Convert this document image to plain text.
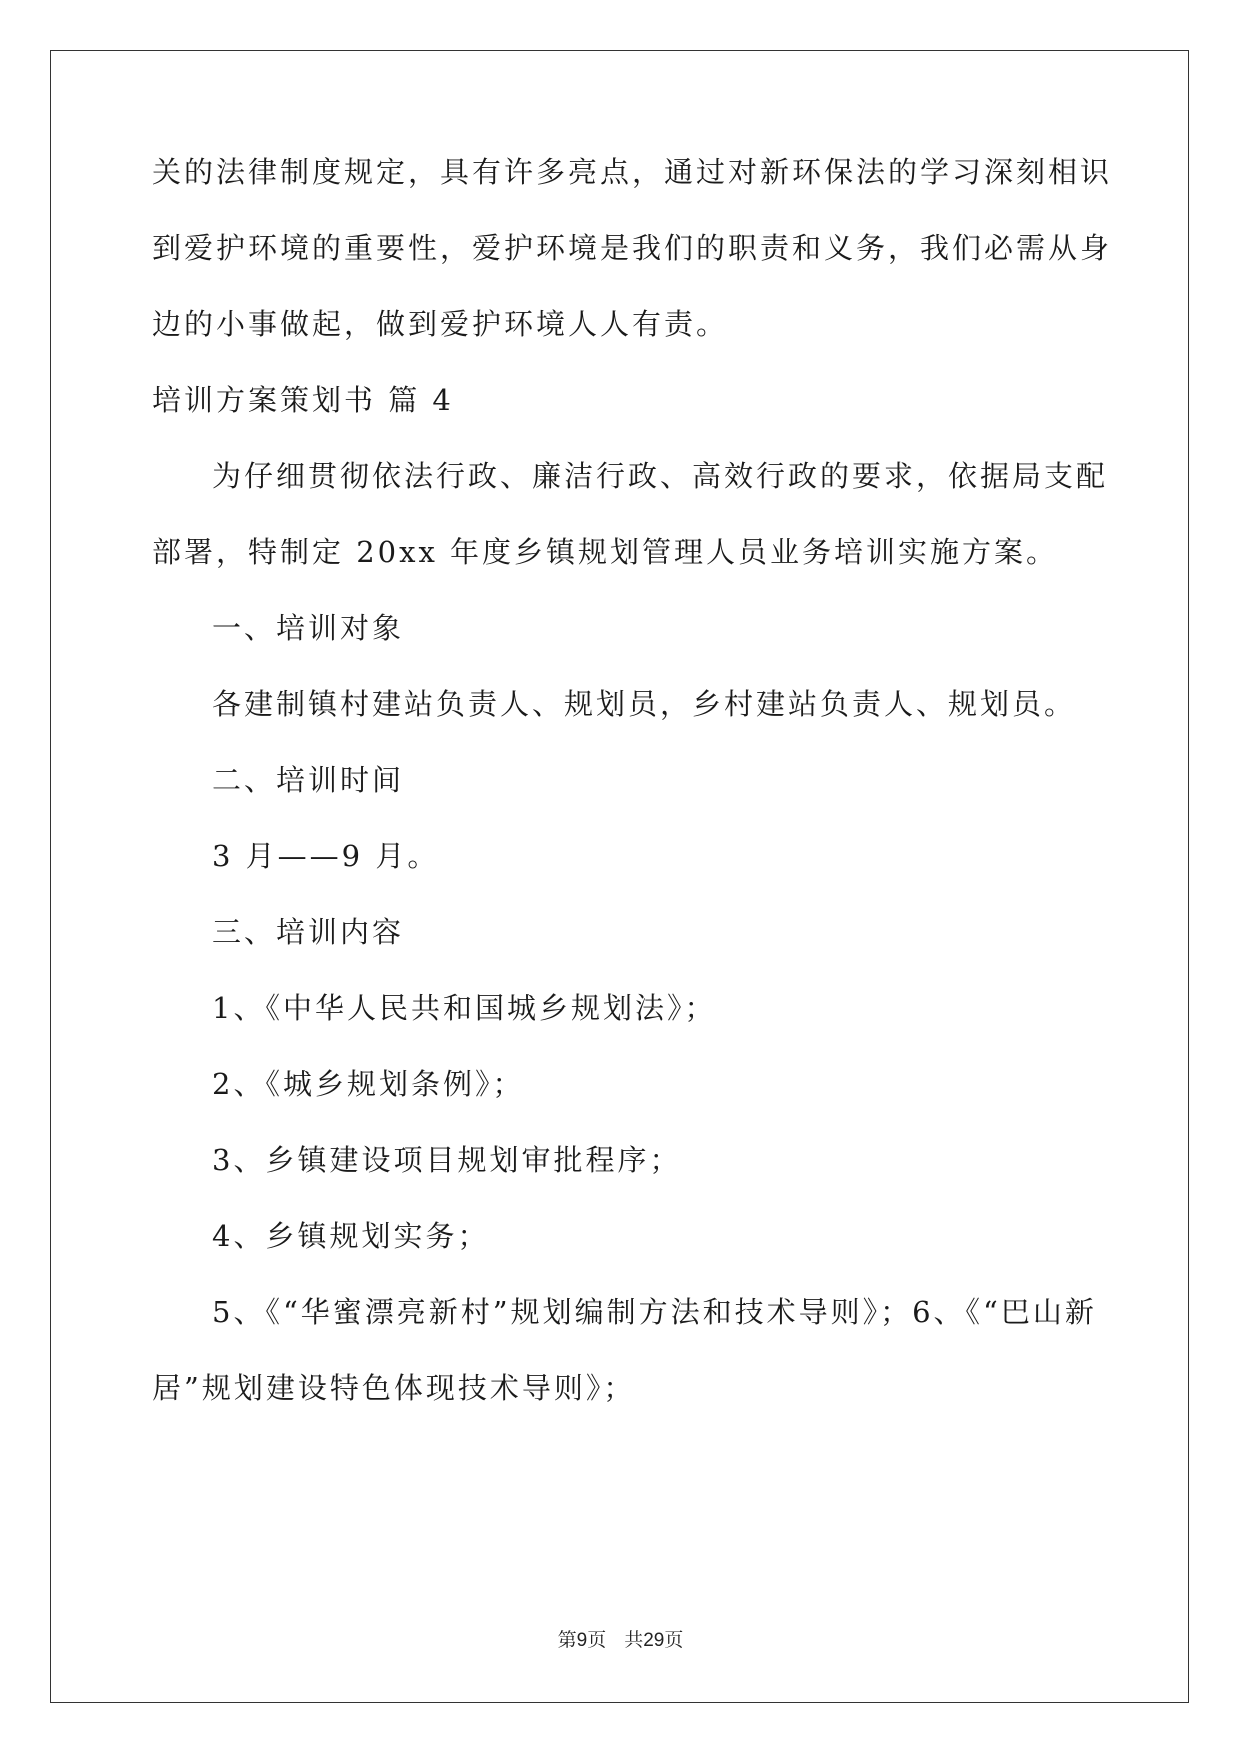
关的法律制度规定，具有许多亮点，通过对新环保法的学习深刻相识
到爱护环境的重要性，爱护环境是我们的职责和义务，我们必需从身
边的小事做起，做到爱护环境人人有责。
培训方案策划书 篇 4
为仔细贯彻依法行政、廉洁行政、高效行政的要求，依据局支配
部署，特制定 20xx 年度乡镇规划管理人员业务培训实施方案。
一、培训对象
各建制镇村建站负责人、规划员，乡村建站负责人、规划员。
二、培训时间
3 月——9 月。
三、培训内容
1、《中华人民共和国城乡规划法》；
2、《城乡规划条例》；
3、乡镇建设项目规划审批程序；
4、乡镇规划实务；
5、《“华蜜漂亮新村”规划编制方法和技术导则》；6、《“巴山新
居”规划建设特色体现技术导则》；
第9页 共29页
